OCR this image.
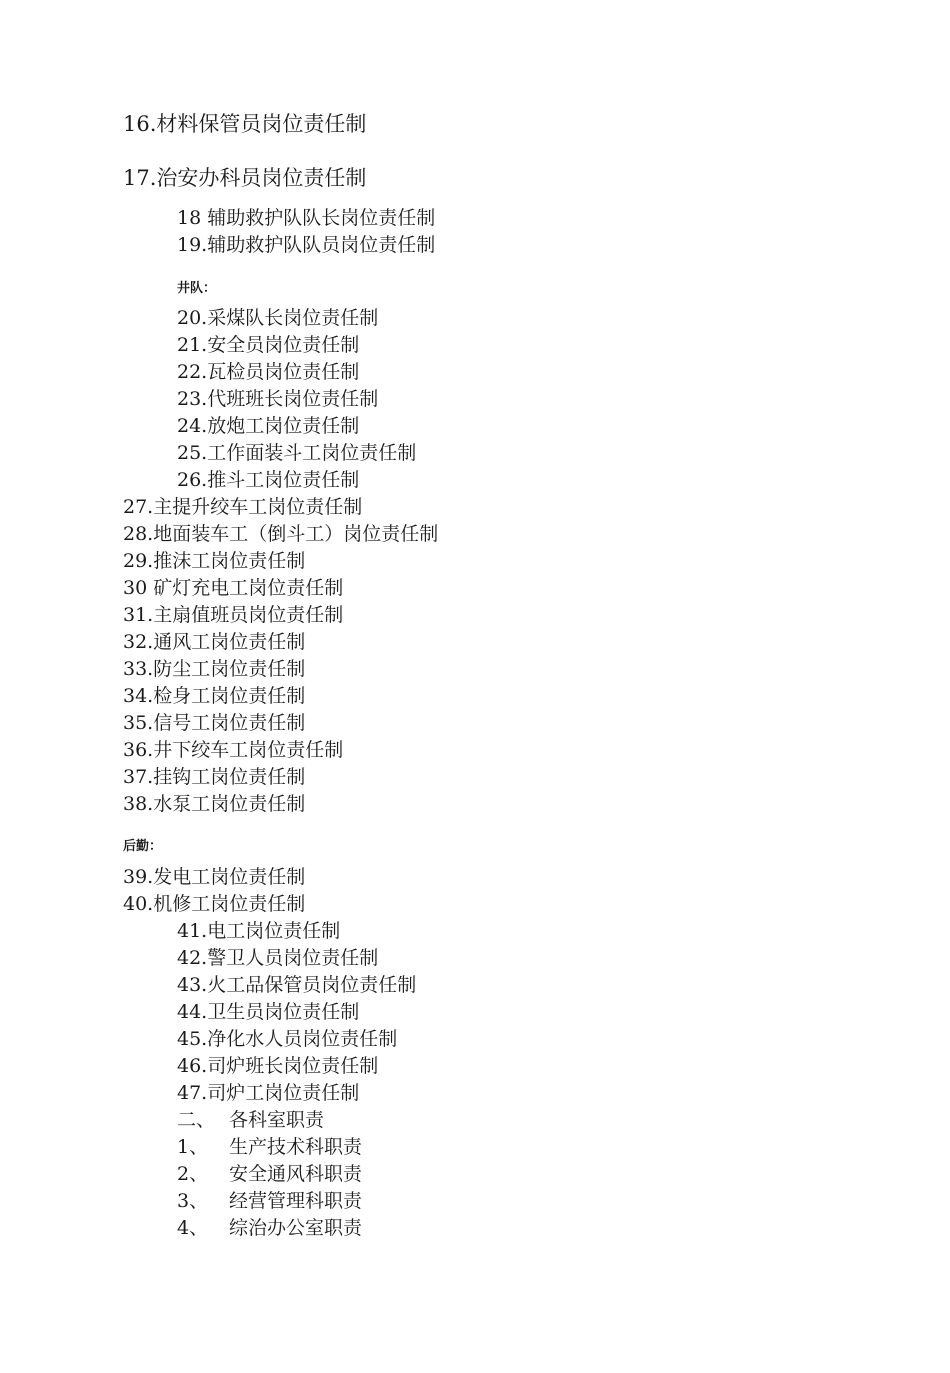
16.材料保管员岗位责任制
17.治安办科员岗位责任制
18 辅助救护队队长岗位责任制
19.辅助救护队队员岗位责任制
井队：
20.采煤队长岗位责任制
21.安全员岗位责任制
22.瓦检员岗位责任制
23.代班班长岗位责任制
24.放炮工岗位责任制
25.工作面装斗工岗位责任制
26.推斗工岗位责任制
27.主提升绞车工岗位责任制
28.地面装车工（倒斗工）岗位责任制
29.推沫工岗位责任制
30 矿灯充电工岗位责任制
31.主扇值班员岗位责任制
32.通风工岗位责任制
33.防尘工岗位责任制
34.检身工岗位责任制
35.信号工岗位责任制
36.井下绞车工岗位责任制
37.挂钩工岗位责任制
38.水泵工岗位责任制
后勤：
39.发电工岗位责任制
40.机修工岗位责任制
41.电工岗位责任制
42.警卫人员岗位责任制
43.火工品保管员岗位责任制
44.卫生员岗位责任制
45.净化水人员岗位责任制
46.司炉班长岗位责任制
47.司炉工岗位责任制
二、 各科室职责
1、 生产技术科职责
2、 安全通风科职责
3、 经营管理科职责
4、 综治办公室职责
